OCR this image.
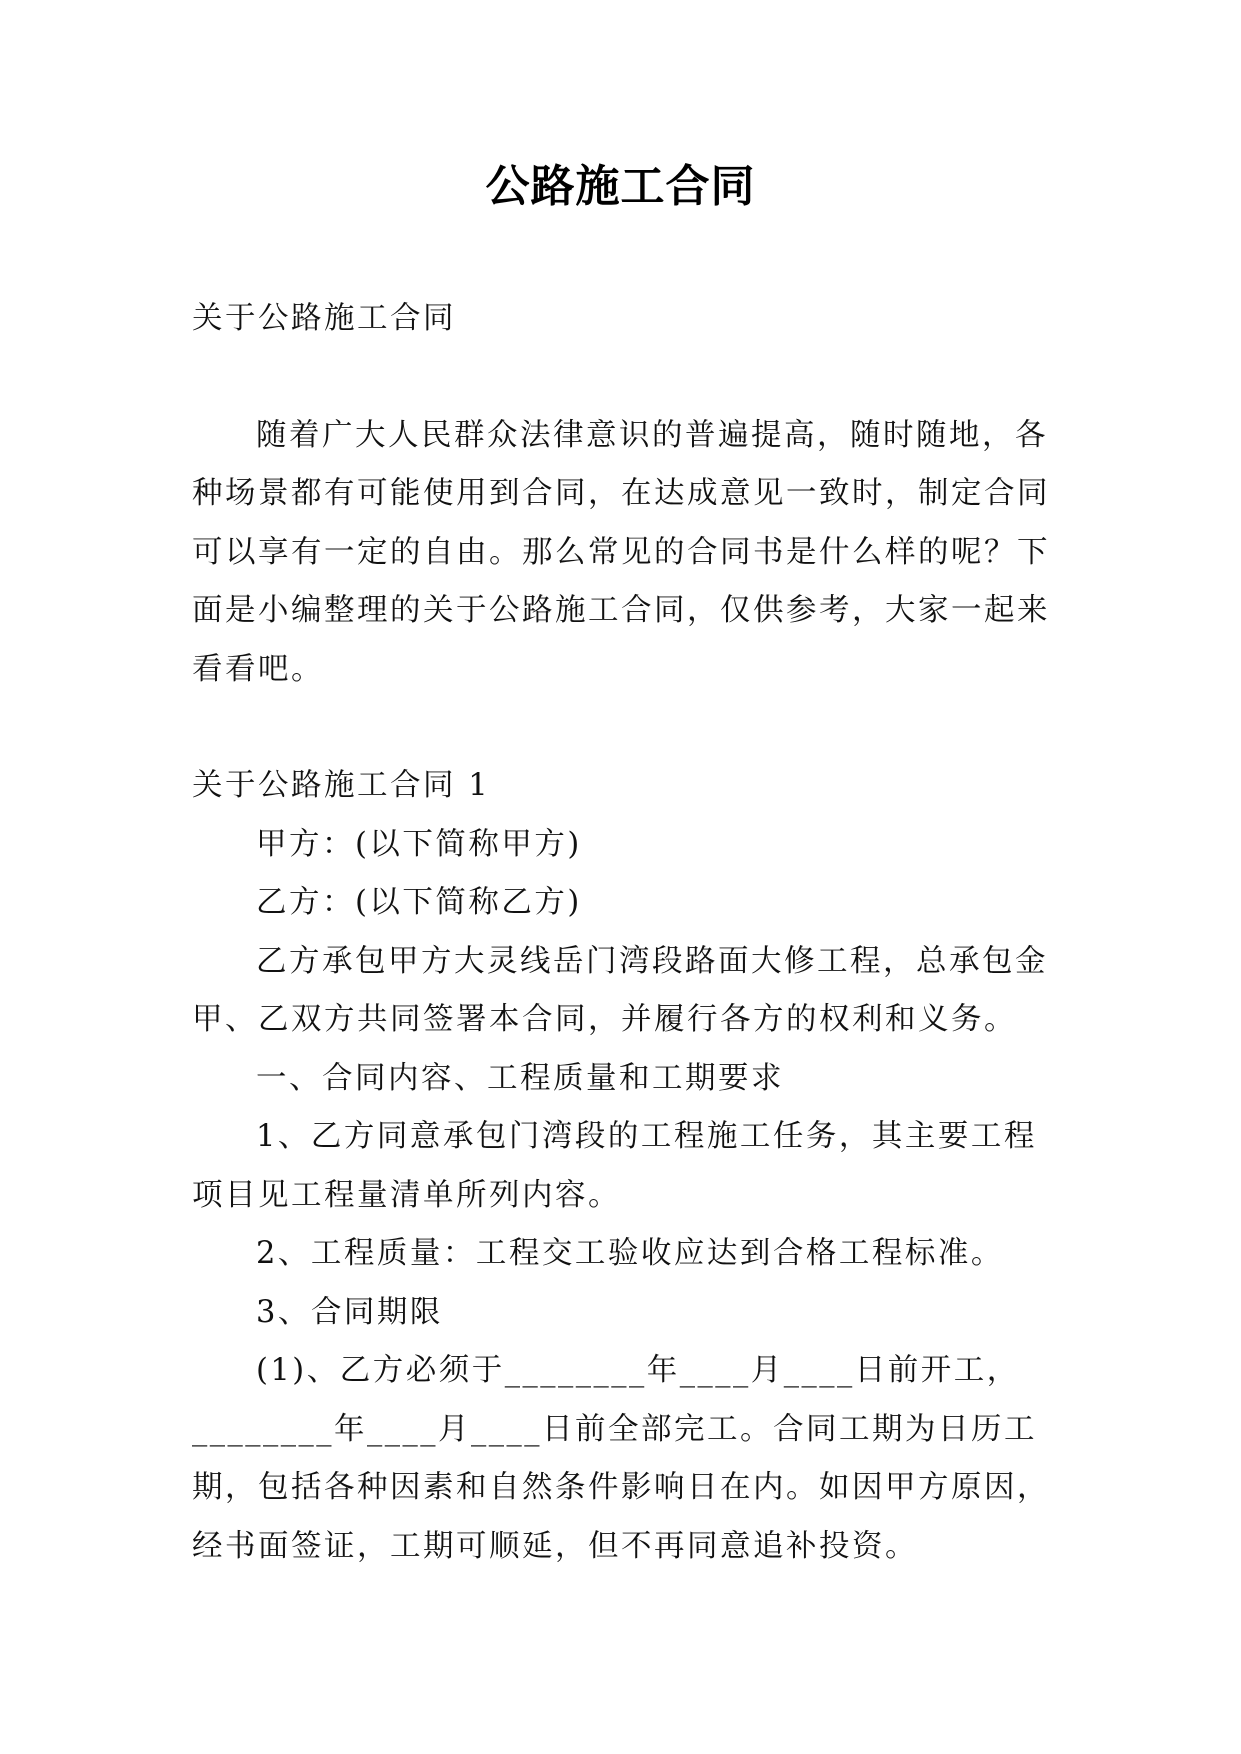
公路施工合同

关于公路施工合同

随着广大人民群众法律意识的普遍提高，随时随地，各种场景都有可能使用到合同，在达成意见一致时，制定合同可以享有一定的自由。那么常见的合同书是什么样的呢？下面是小编整理的关于公路施工合同，仅供参考，大家一起来看看吧。

关于公路施工合同 1

甲方：(以下简称甲方)

乙方：(以下简称乙方)

乙方承包甲方大灵线岳门湾段路面大修工程，总承包金甲、乙双方共同签署本合同，并履行各方的权利和义务。

一、合同内容、工程质量和工期要求

1、乙方同意承包门湾段的工程施工任务，其主要工程项目见工程量清单所列内容。

2、工程质量：工程交工验收应达到合格工程标准。

3、合同期限

(1)、乙方必须于________年____月____日前开工，________年____月____日前全部完工。合同工期为日历工期，包括各种因素和自然条件影响日在内。如因甲方原因，经书面签证，工期可顺延，但不再同意追补投资。
